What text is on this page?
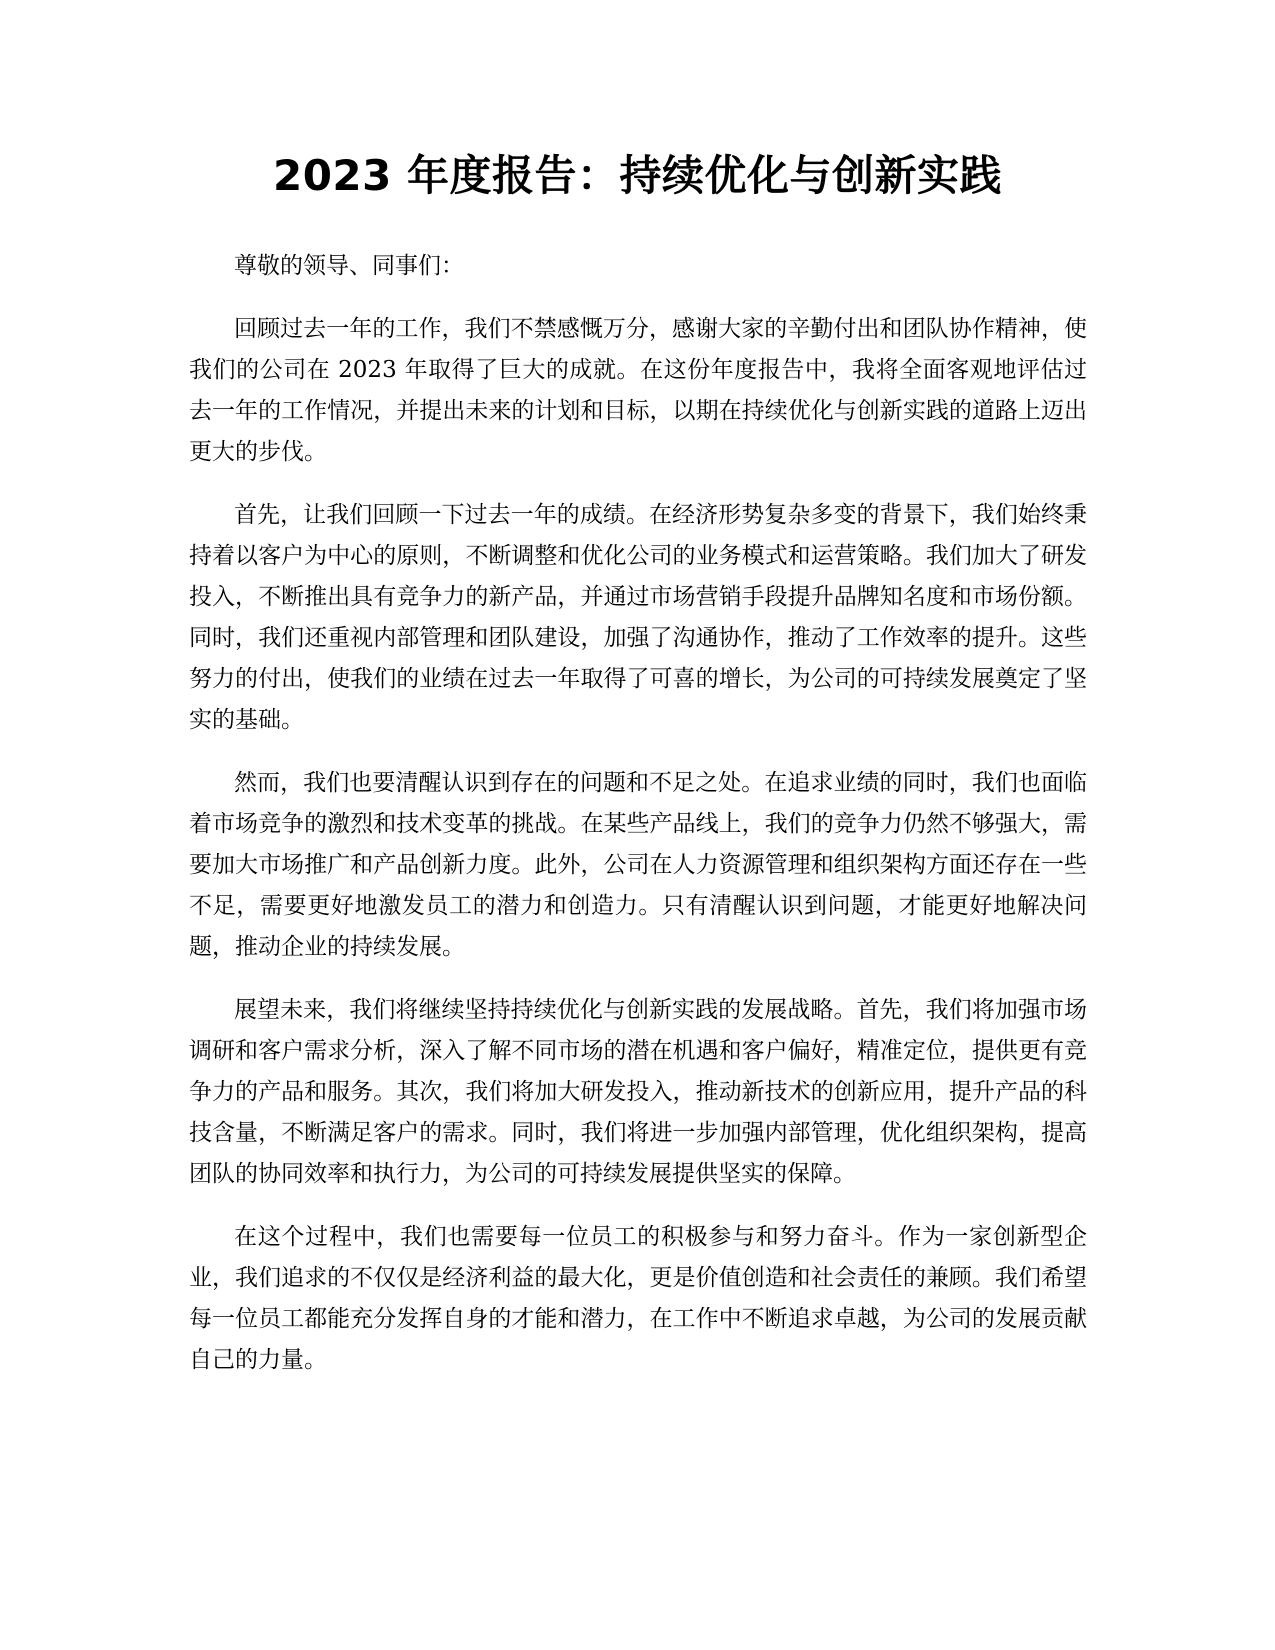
2023 年度报告：持续优化与创新实践

尊敬的领导、同事们：

回顾过去一年的工作，我们不禁感慨万分，感谢大家的辛勤付出和团队协作精神，使我们的公司在 2023 年取得了巨大的成就。在这份年度报告中，我将全面客观地评估过去一年的工作情况，并提出未来的计划和目标，以期在持续优化与创新实践的道路上迈出更大的步伐。

首先，让我们回顾一下过去一年的成绩。在经济形势复杂多变的背景下，我们始终秉持着以客户为中心的原则，不断调整和优化公司的业务模式和运营策略。我们加大了研发投入，不断推出具有竞争力的新产品，并通过市场营销手段提升品牌知名度和市场份额。同时，我们还重视内部管理和团队建设，加强了沟通协作，推动了工作效率的提升。这些努力的付出，使我们的业绩在过去一年取得了可喜的增长，为公司的可持续发展奠定了坚实的基础。

然而，我们也要清醒认识到存在的问题和不足之处。在追求业绩的同时，我们也面临着市场竞争的激烈和技术变革的挑战。在某些产品线上，我们的竞争力仍然不够强大，需要加大市场推广和产品创新力度。此外，公司在人力资源管理和组织架构方面还存在一些不足，需要更好地激发员工的潜力和创造力。只有清醒认识到问题，才能更好地解决问题，推动企业的持续发展。

展望未来，我们将继续坚持持续优化与创新实践的发展战略。首先，我们将加强市场调研和客户需求分析，深入了解不同市场的潜在机遇和客户偏好，精准定位，提供更有竞争力的产品和服务。其次，我们将加大研发投入，推动新技术的创新应用，提升产品的科技含量，不断满足客户的需求。同时，我们将进一步加强内部管理，优化组织架构，提高团队的协同效率和执行力，为公司的可持续发展提供坚实的保障。

在这个过程中，我们也需要每一位员工的积极参与和努力奋斗。作为一家创新型企业，我们追求的不仅仅是经济利益的最大化，更是价值创造和社会责任的兼顾。我们希望每一位员工都能充分发挥自身的才能和潜力，在工作中不断追求卓越，为公司的发展贡献自己的力量。
